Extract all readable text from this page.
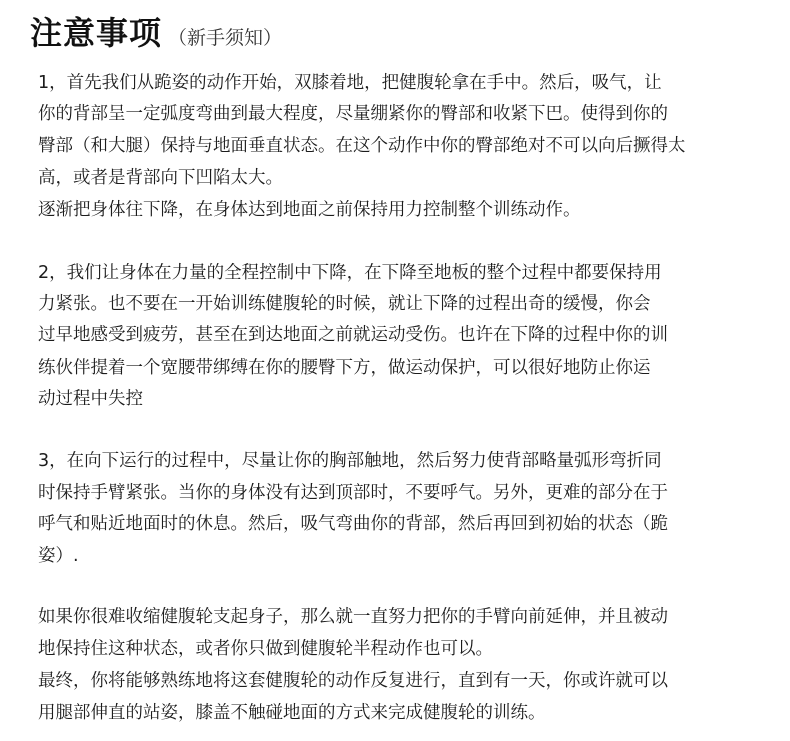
注意事项 （新手须知）
1，首先我们从跪姿的动作开始，双膝着地，把健腹轮拿在手中。然后，吸气，让
你的背部呈一定弧度弯曲到最大程度，尽量绷紧你的臀部和收紧下巴。使得到你的
臀部（和大腿）保持与地面垂直状态。在这个动作中你的臀部绝对不可以向后撅得太
高，或者是背部向下凹陷太大。
逐渐把身体往下降，在身体达到地面之前保持用力控制整个训练动作。
2，我们让身体在力量的全程控制中下降，在下降至地板的整个过程中都要保持用
力紧张。也不要在一开始训练健腹轮的时候，就让下降的过程出奇的缓慢，你会
过早地感受到疲劳，甚至在到达地面之前就运动受伤。也许在下降的过程中你的训
练伙伴提着一个宽腰带绑缚在你的腰臀下方，做运动保护，可以很好地防止你运
动过程中失控
3，在向下运行的过程中，尽量让你的胸部触地，然后努力使背部略量弧形弯折同
时保持手臂紧张。当你的身体没有达到顶部时，不要呼气。另外，更难的部分在于
呼气和贴近地面时的休息。然后，吸气弯曲你的背部，然后再回到初始的状态（跪
姿）.
如果你很难收缩健腹轮支起身子，那么就一直努力把你的手臂向前延伸，并且被动
地保持住这种状态，或者你只做到健腹轮半程动作也可以。
最终，你将能够熟练地将这套健腹轮的动作反复进行，直到有一天，你或许就可以
用腿部伸直的站姿，膝盖不触碰地面的方式来完成健腹轮的训练。
